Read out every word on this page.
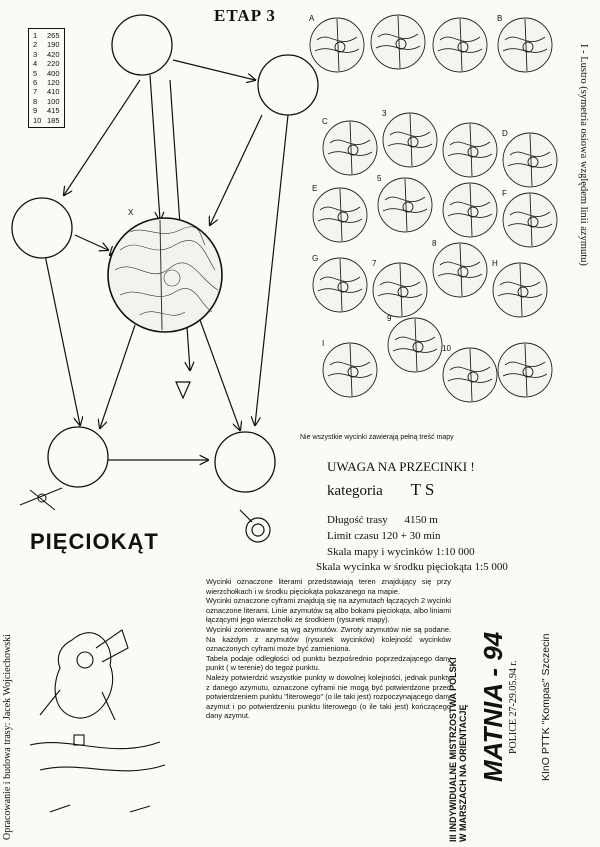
1	265
2	190
3	420
4	220
5	400
6	120
7	410
8	100
9	415
10 185
ETAP 3
X
A	B
C
3
D
E
5
F
G
7
8
H
I
9
10
I - Lustro (symetria osiowa względem linii azymutu)
Nie wszystkie wycinki zawierają pełną treść mapy
UWAGA NA PRZECINKI !
kategoria T S
Długość trasy 4150 m
Limit czasu 120 + 30 min
Skala mapy i wycinków 1:10 000
Skala wycinka w środku pięciokąta 1:5 000
PIĘCIOKĄT
Opracowanie i budowa trasy: Jacek Wojciechowski

Wycinki oznaczone literami przedstawiają teren znajdujący się przy wierzchołkach i w środku pięciokąta pokazanego na mapie.

Wycinki oznaczone cyframi znajdują się na azymutach łączących 2 wycinki oznaczone literami. Linie azymutów są albo bokami pięciokąta, albo liniami łączącymi jego wierzchołki ze środkiem (rysunek mapy).

Wycinki zorientowane są wg azymutów. Zwroty azymutów nie są podane. Na każdym z azymutów (rysunek wycinków) kolejność wycinków oznaczonych cyframi może być zamieniona.

Tabela podaje odległości od punktu bezpośrednio poprzedzającego dany punkt ( w terenie) do tegoż punktu.

Należy potwierdzić wszystkie punkty w dowolnej kolejności, jednak punkty z danego azymutu, oznaczone cyframi nie mogą być potwierdzone przed potwierdzeniem punktu "literowego" (o ile taki jest) rozpoczynającego dany azymut i po potwierdzeniu punktu literowego (o ile taki jest) kończącego dany azymut.	III INDYWIDUALNE MISTRZOSTWA POLSKI W MARSZACH NA ORIENTACJĘ MATNIA - 94 POLICE 27-29.05.94 r. KInO PTTK "Kompas" Szczecin
